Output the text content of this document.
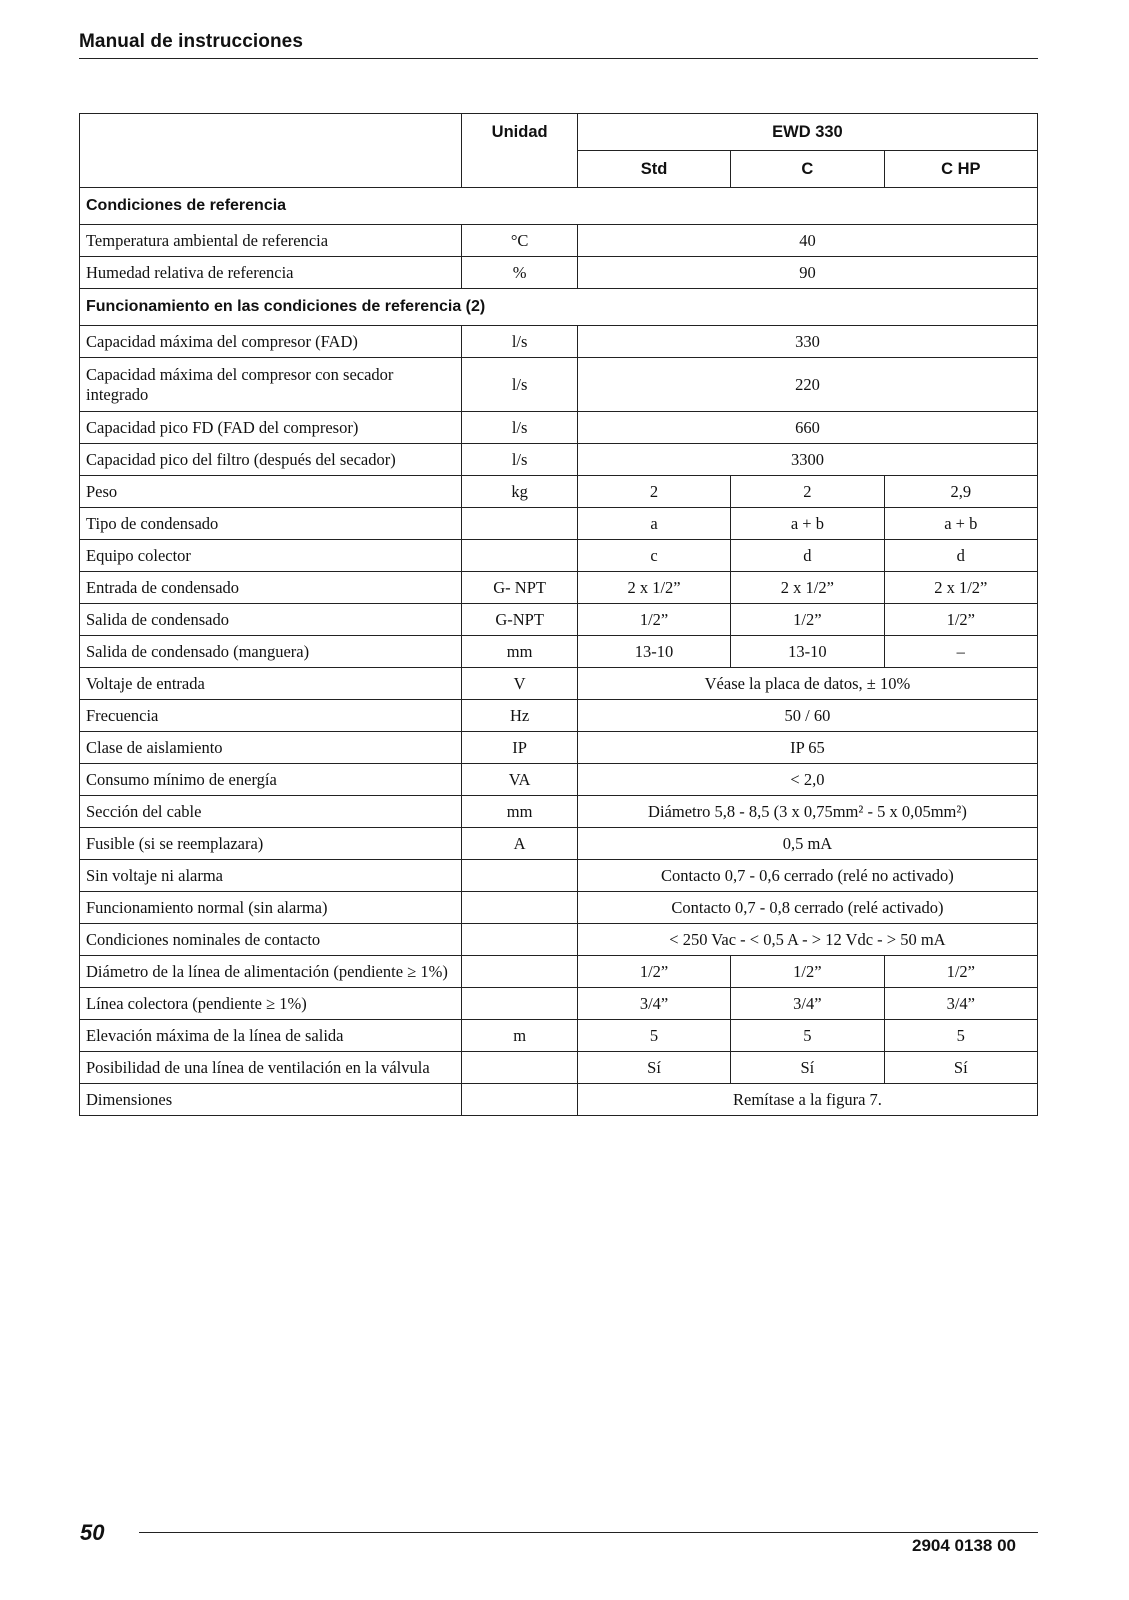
Manual de instrucciones
	Unidad	EWD 330		
		Std	C	C HP
Condiciones de referencia				
Temperatura ambiental de referencia	°C	40		
Humedad relativa de referencia	%	90		
Funcionamiento en las condiciones de referencia (2)				
Capacidad máxima del compresor (FAD)	l/s	330		
Capacidad máxima del compresor con secador integrado	l/s	220		
Capacidad pico FD (FAD del compresor)	l/s	660		
Capacidad pico del filtro (después del secador)	l/s	3300		
Peso	kg	2	2	2,9
Tipo de condensado		a	a + b	a + b
Equipo colector		c	d	d
Entrada de condensado	G- NPT	2 x 1/2”	2 x 1/2”	2 x 1/2”
Salida de condensado	G-NPT	1/2”	1/2”	1/2”
Salida de condensado (manguera)	mm	13-10	13-10	–
Voltaje de entrada	V	Véase la placa de datos, ± 10%		
Frecuencia	Hz	50 / 60		
Clase de aislamiento	IP	IP 65		
Consumo mínimo de energía	VA	< 2,0		
Sección del cable	mm	Diámetro 5,8 - 8,5 (3 x 0,75mm² - 5 x 0,05mm²)		
Fusible (si se reemplazara)	A	0,5 mA		
Sin voltaje ni alarma		Contacto 0,7 - 0,6 cerrado (relé no activado)		
Funcionamiento normal (sin alarma)		Contacto 0,7 - 0,8 cerrado (relé activado)		
Condiciones nominales de contacto		< 250 Vac - < 0,5 A - > 12 Vdc - > 50 mA		
Diámetro de la línea de alimentación (pendiente ≥ 1%)		1/2”	1/2”	1/2”
Línea colectora (pendiente ≥ 1%)		3/4”	3/4”	3/4”
Elevación máxima de la línea de salida	m	5	5	5
Posibilidad de una línea de ventilación en la válvula		Sí	Sí	Sí
Dimensiones		Remítase a la figura 7.		
50
2904 0138 00
